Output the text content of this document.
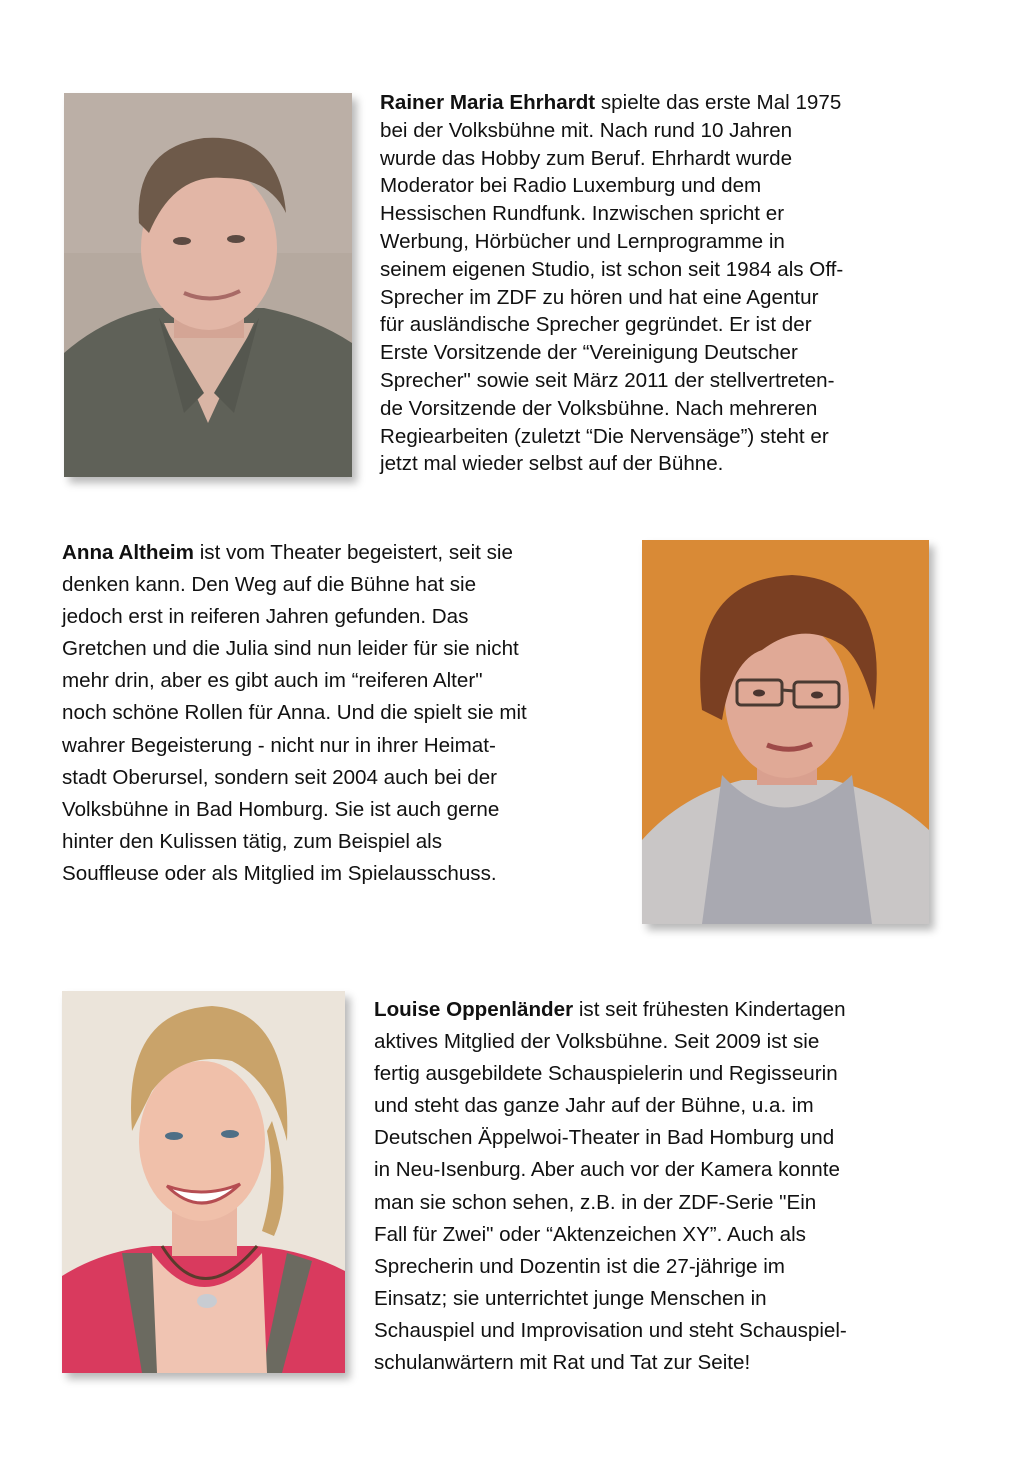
Rainer Maria Ehrhardt spielte das erste Mal 1975
bei der Volksbühne mit. Nach rund 10 Jahren
wurde das Hobby zum Beruf. Ehrhardt wurde
Moderator bei Radio Luxemburg und dem
Hessischen Rundfunk. Inzwischen spricht er
Werbung, Hörbücher und Lernprogramme in
seinem eigenen Studio, ist schon seit 1984 als Off-
Sprecher im ZDF zu hören und hat eine Agentur
für ausländische Sprecher gegründet. Er ist der
Erste Vorsitzende der “Vereinigung Deutscher
Sprecher" sowie seit März 2011 der stellvertreten-
de Vorsitzende der Volksbühne. Nach mehreren
Regiearbeiten (zuletzt “Die Nervensäge”) steht er
jetzt mal wieder selbst auf der Bühne.

Anna Altheim ist vom Theater begeistert, seit sie
denken kann. Den Weg auf die Bühne hat sie
jedoch erst in reiferen Jahren gefunden. Das
Gretchen und die Julia sind nun leider für sie nicht
mehr drin, aber es gibt auch im “reiferen Alter"
noch schöne Rollen für Anna. Und die spielt sie mit
wahrer Begeisterung - nicht nur in ihrer Heimat-
stadt Oberursel, sondern seit 2004 auch bei der
Volksbühne in Bad Homburg. Sie ist auch gerne
hinter den Kulissen tätig, zum Beispiel als
Souffleuse oder als Mitglied im Spielausschuss.

Louise Oppenländer ist seit frühesten Kindertagen
aktives Mitglied der Volksbühne. Seit 2009 ist sie
fertig ausgebildete Schauspielerin und Regisseurin
und steht das ganze Jahr auf der Bühne, u.a. im
Deutschen Äppelwoi-Theater in Bad Homburg und
in Neu-Isenburg. Aber auch vor der Kamera konnte
man sie schon sehen, z.B. in der ZDF-Serie "Ein
Fall für Zwei" oder “Aktenzeichen XY”. Auch als
Sprecherin und Dozentin ist die 27-jährige im
Einsatz; sie unterrichtet junge Menschen in
Schauspiel und Improvisation und steht Schauspiel-
schulanwärtern mit Rat und Tat zur Seite!
